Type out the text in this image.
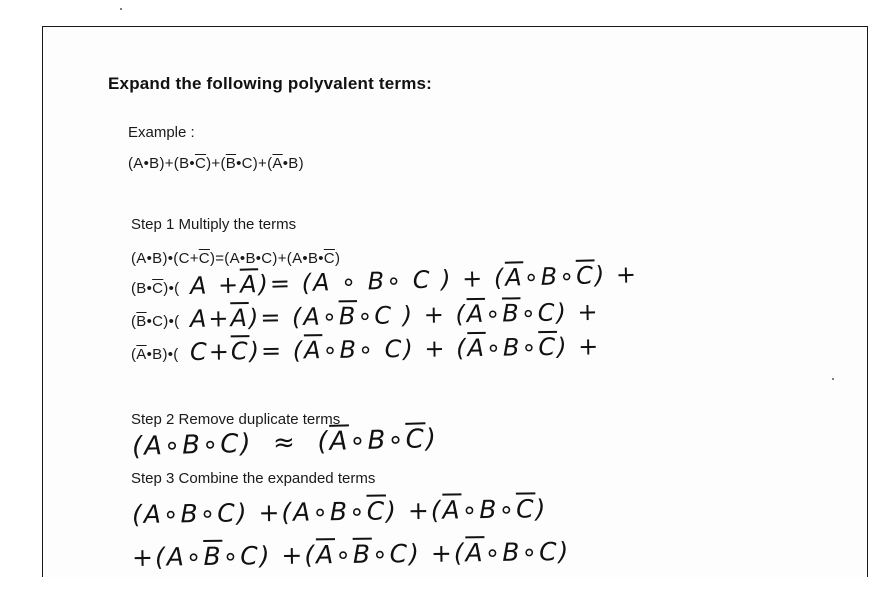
Expand the following polyvalent terms:
Example :
$(A•B)+(B•\overline{C})+(\overline{B}•C)+(\overline{A}•B)$
Step 1 Multiply the terms
$(A•B)•(C+\overline{C})=(A•B•C)+(A•B•\overline{C})$
$(B•\overline{C})•$( $A +\overline{A})= (A$ ∘ B∘ C ) + $(\overline{A}\circ B\circ\overline{C})$ +
$(\overline{B}•C)•$( $A+\overline{A})=$ ($A\circ\overline{B}\circ C$ ) + $(\overline{A}\circ\overline{B}\circ C)$ +
$(\overline{A}•B)•$( $C+\overline{C})=$ ($\overline{A}\circ B\circ$ $C) + (\overline{A}\circ B\circ\overline{C})$ +
Step 2 Remove duplicate terms
(A∘B∘C)  ≈  $(\overline{A}\circ B\circ\overline{C})$
Step 3 Combine the expanded terms
(A∘B∘C) $+(A\circ B\circ\overline{C})$ $+(\overline{A}\circ B\circ\overline{C})$
$+(A\circ\overline{B}\circ C)$ $+(\overline{A}\circ\overline{B}\circ C)$ $+(\overline{A}\circ B\circ C)$
